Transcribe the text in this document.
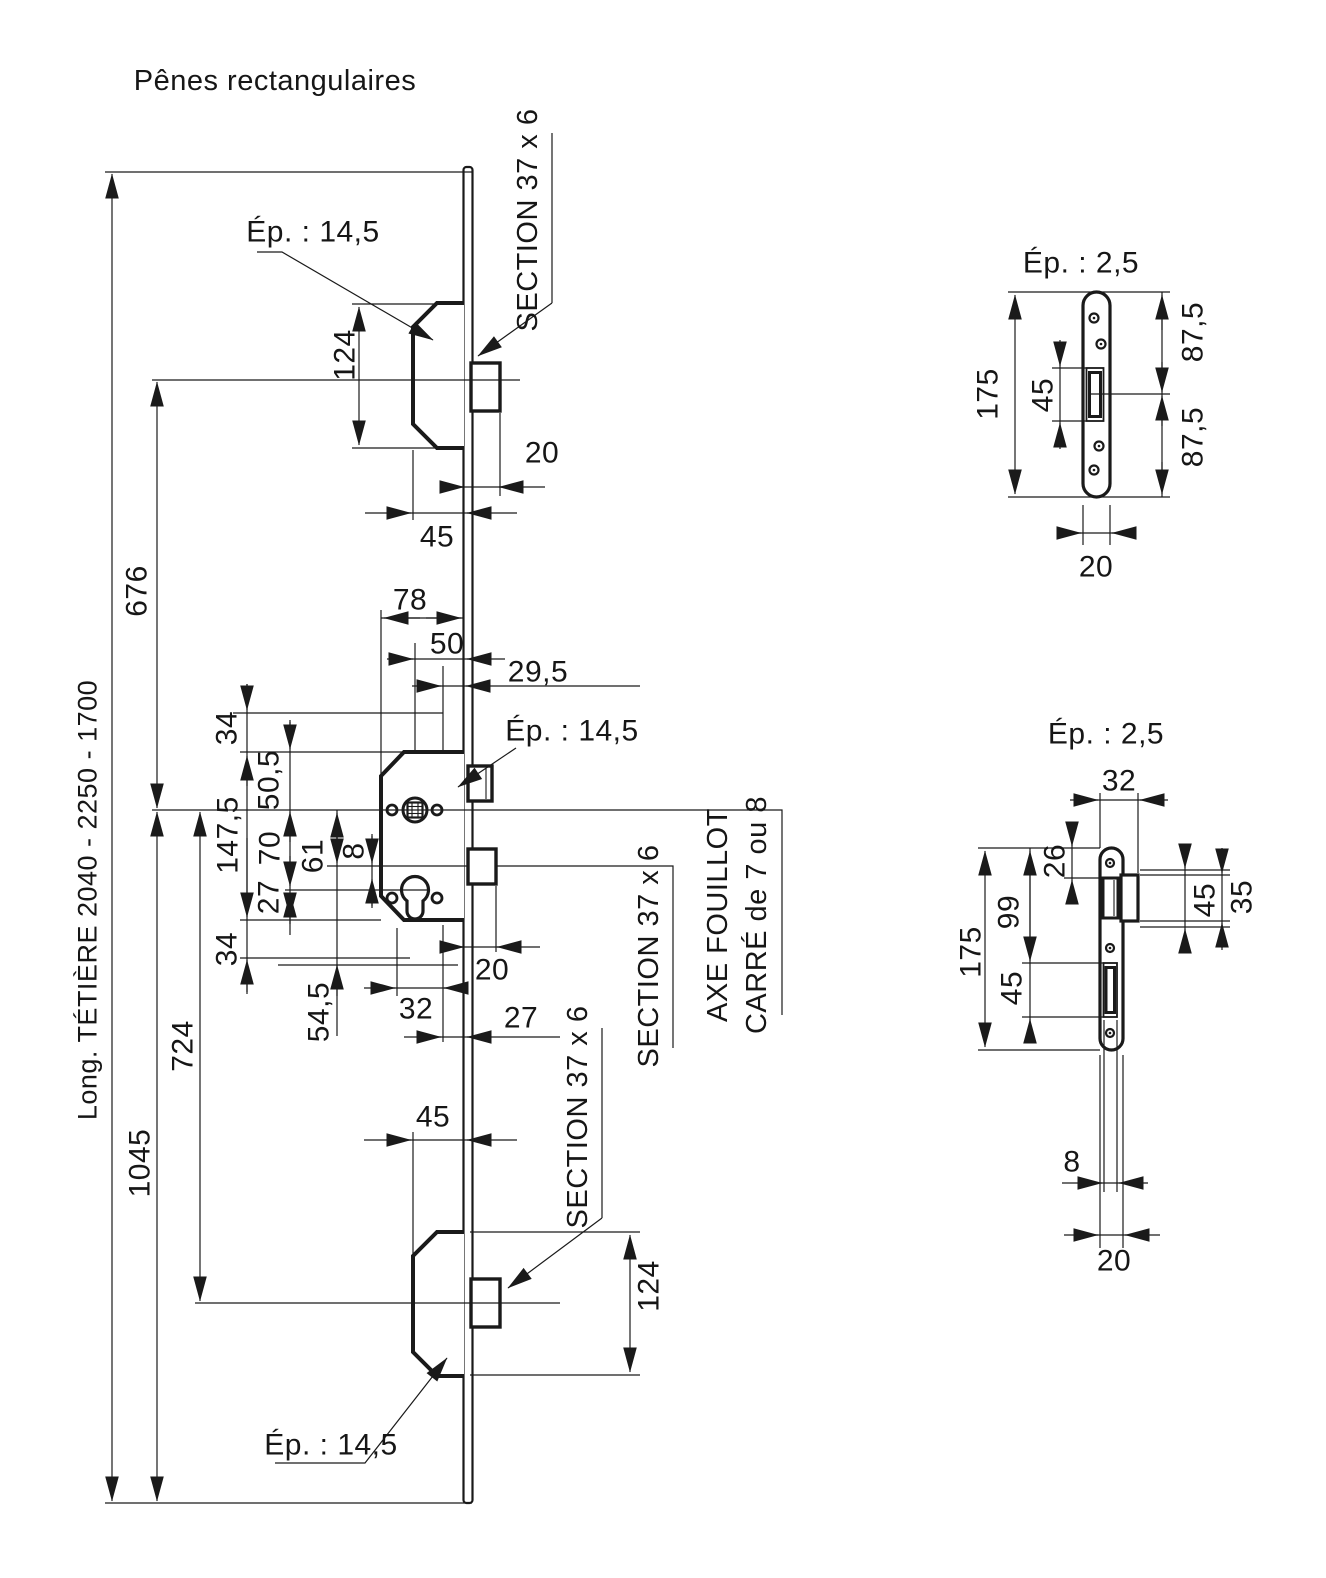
Pênes rectangulaires
Ép. : 14,5	SECTION 37 x 6
Ép. : 14,5
SECTION 37 x 6 AXE FOUILLOT CARRÉ de 7 ou 8
SECTION 37 x 6
Ép. : 14,5
Long. TÉTIÈRE 2040 - 2250 - 1700
676
1045
724
124
34
147,5
34
50,5
70
27
61 8
54,5
124
20
45
78
50
29,5
20
32 27
45
Ép. : 2,5
175 45
87,5
87,5
20
Ép. : 2,5
32
26
99
175
45
45 35
8
20
